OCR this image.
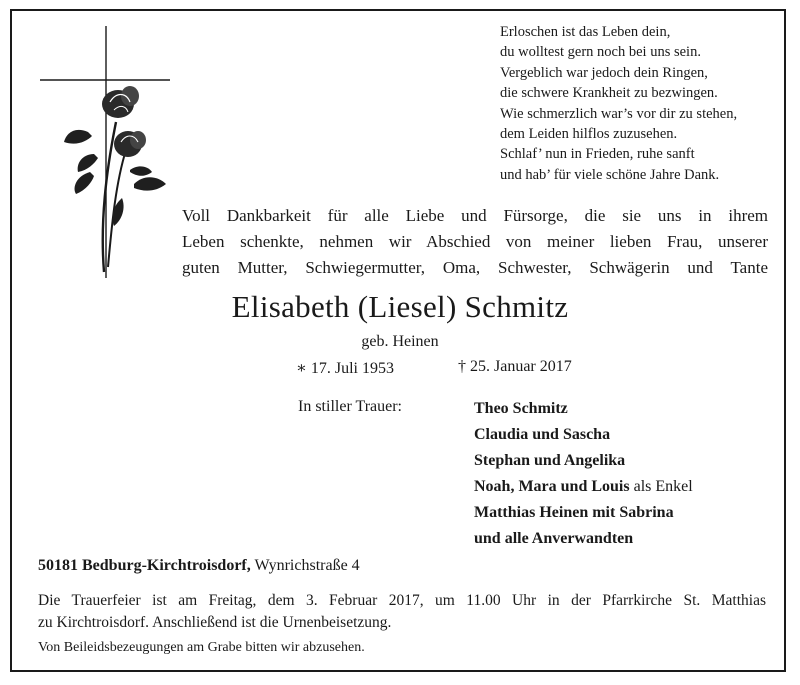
Erloschen ist das Leben dein,
du wolltest gern noch bei uns sein.
Vergeblich war jedoch dein Ringen,
die schwere Krankheit zu bezwingen.
Wie schmerzlich war’s vor dir zu stehen,
dem Leiden hilflos zuzusehen.
Schlaf’ nun in Frieden, ruhe sanft
und hab’ für viele schöne Jahre Dank.
Voll Dankbarkeit für alle Liebe und Fürsorge, die sie uns in ihrem
Leben schenkte, nehmen wir Abschied von meiner lieben Frau, unserer
guten Mutter, Schwiegermutter, Oma, Schwester, Schwägerin und Tante
Elisabeth (Liesel) Schmitz
geb. Heinen
∗ 17. Juli 1953	† 25. Januar 2017
In stiller Trauer:	Theo Schmitz
Claudia und Sascha
Stephan und Angelika
Noah, Mara und Louis als Enkel
Matthias Heinen mit Sabrina
und alle Anverwandten
50181 Bedburg-Kirchtroisdorf, Wynrichstraße 4
Die Trauerfeier ist am Freitag, dem 3. Februar 2017, um 11.00 Uhr in der Pfarrkirche St. Matthias
zu Kirchtroisdorf. Anschließend ist die Urnenbeisetzung.
Von Beileidsbezeugungen am Grabe bitten wir abzusehen.
